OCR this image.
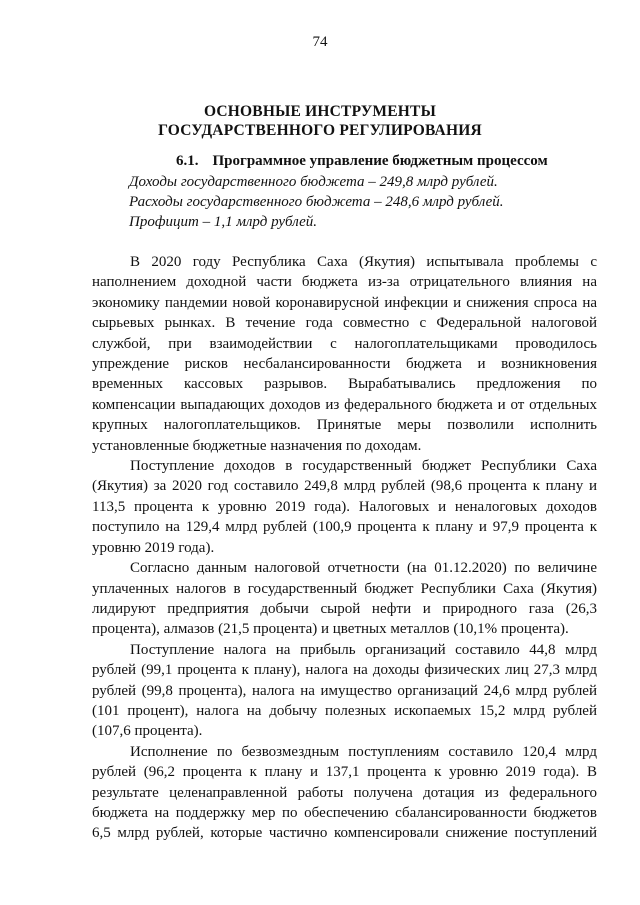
74
ОСНОВНЫЕ ИНСТРУМЕНТЫ
ГОСУДАРСТВЕННОГО РЕГУЛИРОВАНИЯ
6.1. Программное управление бюджетным процессом
Доходы государственного бюджета – 249,8 млрд рублей.
Расходы государственного бюджета – 248,6 млрд рублей.
Профицит – 1,1 млрд рублей.

В 2020 году Республика Саха (Якутия) испытывала проблемы с наполнением доходной части бюджета из-за отрицательного влияния на экономику пандемии новой коронавирусной инфекции и снижения спроса на сырьевых рынках. В течение года совместно с Федеральной налоговой службой, при взаимодействии с налогоплательщиками проводилось упреждение рисков несбалансированности бюджета и возникновения временных кассовых разрывов. Вырабатывались предложения по компенсации выпадающих доходов из федерального бюджета и от отдельных крупных налогоплательщиков. Принятые меры позволили исполнить установленные бюджетные назначения по доходам.

Поступление доходов в государственный бюджет Республики Саха (Якутия) за 2020 год составило 249,8 млрд рублей (98,6 процента к плану и 113,5 процента к уровню 2019 года). Налоговых и неналоговых доходов поступило на 129,4 млрд рублей (100,9 процента к плану и 97,9 процента к уровню 2019 года).

Согласно данным налоговой отчетности (на 01.12.2020) по величине уплаченных налогов в государственный бюджет Республики Саха (Якутия) лидируют предприятия добычи сырой нефти и природного газа (26,3 процента), алмазов (21,5 процента) и цветных металлов (10,1% процента).

Поступление налога на прибыль организаций составило 44,8 млрд рублей (99,1 процента к плану), налога на доходы физических лиц 27,3 млрд рублей (99,8 процента), налога на имущество организаций 24,6 млрд рублей (101 процент), налога на добычу полезных ископаемых 15,2 млрд рублей (107,6 процента).

Исполнение по безвозмездным поступлениям составило 120,4 млрд рублей (96,2 процента к плану и 137,1 процента к уровню 2019 года). В результате целенаправленной работы получена дотация из федерального бюджета на поддержку мер по обеспечению сбалансированности бюджетов 6,5 млрд рублей, которые частично компенсировали снижение поступлений
